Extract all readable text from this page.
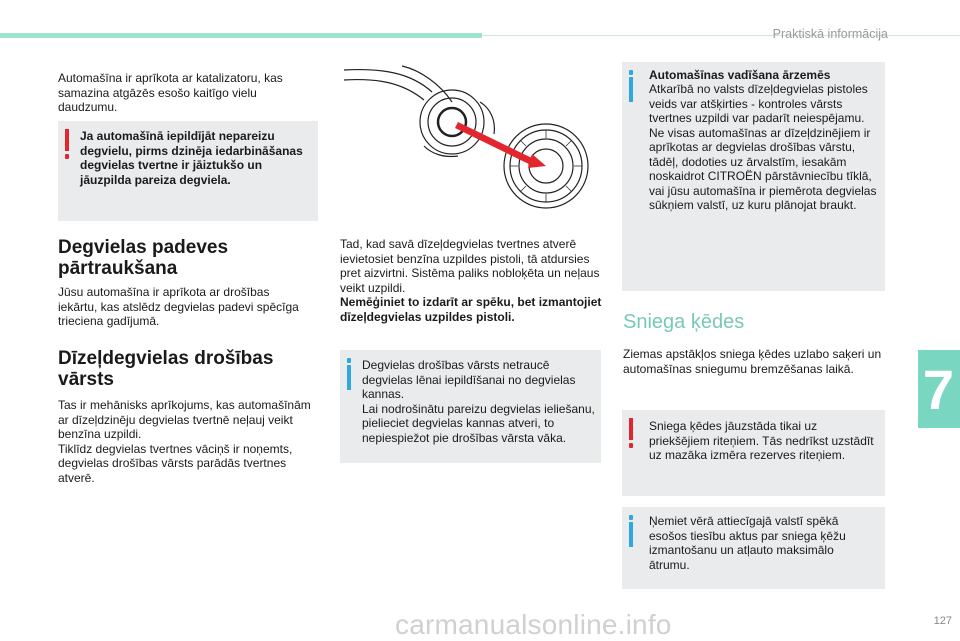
Praktiskā informācija
7
127
carmanualsonline.info

Automašīna ir aprīkota ar katalizatoru, kas samazina atgāzēs esošo kaitīgo vielu daudzumu.

Ja automašīnā iepildījāt nepareizu degvielu, pirms dzinēja iedarbināšanas degvielas tvertne ir jāiztukšo un jāuzpilda pareiza degviela.
Degvielas padeves pārtraukšana

Jūsu automašīna ir aprīkota ar drošības iekārtu, kas atslēdz degvielas padevi spēcīga trieciena gadījumā.

Dīzeļdegvielas drošības vārsts

Tas ir mehānisks aprīkojums, kas automašīnām ar dīzeļdzinēju degvielas tvertnē neļauj veikt benzīna uzpildi.
Tiklīdz degvielas tvertnes vāciņš ir noņemts, degvielas drošības vārsts parādās tvertnes atverē.

Tad, kad savā dīzeļdegvielas tvertnes atverē ievietosiet benzīna uzpildes pistoli, tā atdursies pret aizvirtni. Sistēma paliks nobloķēta un neļaus veikt uzpildi.

Nemēģiniet to izdarīt ar spēku, bet izmantojiet dīzeļdegvielas uzpildes pistoli.

Degvielas drošības vārsts netraucē degvielas lēnai iepildīšanai no degvielas kannas.
Lai nodrošinātu pareizu degvielas ieliešanu, pielieciet degvielas kannas atveri, to nepiespiežot pie drošības vārsta vāka.
Automašīnas vadīšana ārzemēs
Atkarībā no valsts dīzeļdegvielas pistoles veids var atšķirties - kontroles vārsts tvertnes uzpildi var padarīt neiespējamu.
Ne visas automašīnas ar dīzeļdzinējiem ir aprīkotas ar degvielas drošības vārstu, tādēļ, dodoties uz ārvalstīm, iesakām noskaidrot CITROËN pārstāvniecību tīklā, vai jūsu automašīna ir piemērota degvielas sūkņiem valstī, uz kuru plānojat braukt.
Sniega ķēdes

Ziemas apstākļos sniega ķēdes uzlabo saķeri un automašīnas sniegumu bremzēšanas laikā.

Sniega ķēdes jāuzstāda tikai uz priekšējiem riteņiem. Tās nedrīkst uzstādīt uz mazāka izmēra rezerves riteņiem.
Ņemiet vērā attiecīgajā valstī spēkā esošos tiesību aktus par sniega ķēžu izmantošanu un atļauto maksimālo ātrumu.
